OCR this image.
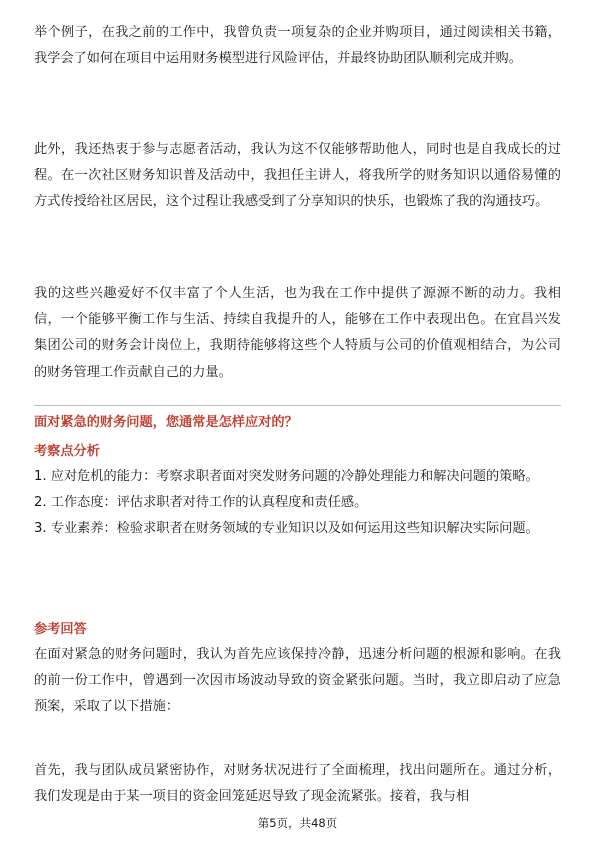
举个例子，在我之前的工作中，我曾负责一项复杂的企业并购项目，通过阅读相关书籍，我学会了如何在项目中运用财务模型进行风险评估，并最终协助团队顺利完成并购。

此外，我还热衷于参与志愿者活动，我认为这不仅能够帮助他人，同时也是自我成长的过程。在一次社区财务知识普及活动中，我担任主讲人，将我所学的财务知识以通俗易懂的方式传授给社区居民，这个过程让我感受到了分享知识的快乐，也锻炼了我的沟通技巧。

我的这些兴趣爱好不仅丰富了个人生活，也为我在工作中提供了源源不断的动力。我相信，一个能够平衡工作与生活、持续自我提升的人，能够在工作中表现出色。在宜昌兴发集团公司的财务会计岗位上，我期待能够将这些个人特质与公司的价值观相结合，为公司的财务管理工作贡献自己的力量。

面对紧急的财务问题，您通常是怎样应对的？

考察点分析

1. 应对危机的能力：考察求职者面对突发财务问题的冷静处理能力和解决问题的策略。

2. 工作态度：评估求职者对待工作的认真程度和责任感。

3. 专业素养：检验求职者在财务领域的专业知识以及如何运用这些知识解决实际问题。

参考回答

在面对紧急的财务问题时，我认为首先应该保持冷静，迅速分析问题的根源和影响。在我的前一份工作中，曾遇到一次因市场波动导致的资金紧张问题。当时，我立即启动了应急预案，采取了以下措施：

首先，我与团队成员紧密协作，对财务状况进行了全面梳理，找出问题所在。通过分析，我们发现是由于某一项目的资金回笼延迟导致了现金流紧张。接着，我与相

第5页，共48页
